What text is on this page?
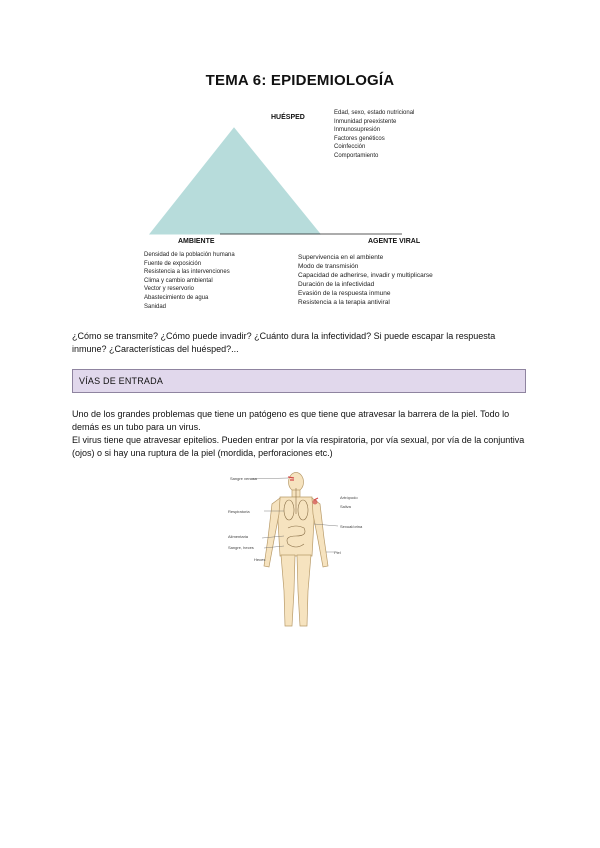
TEMA 6: EPIDEMIOLOGÍA
HUÉSPED
Edad, sexo, estado nutricional
Inmunidad preexistente
Inmunosupresión
Factores genéticos
Coinfección
Comportamiento
AMBIENTE
Densidad de la población humana
Fuente de exposición
Resistencia a las intervenciones
Clima y cambio ambiental
Vector y reservorio
Abastecimiento de agua
Sanidad
AGENTE VIRAL
Supervivencia en el ambiente
Modo de transmisión
Capacidad de adherirse, invadir y multiplicarse
Duración de la infectividad
Evasión de la respuesta inmune
Resistencia a la terapia antiviral
¿Cómo se transmite? ¿Cómo puede invadir? ¿Cuánto dura la infectividad? Si puede escapar la respuesta inmune? ¿Características del huésped?...
VÍAS DE ENTRADA
Uno de los grandes problemas que tiene un patógeno es que tiene que atravesar la barrera de la piel. Todo lo demás es un tubo para un virus.
El virus tiene que atravesar epitelios. Pueden entrar por la vía respiratoria, por vía sexual, por vía de la conjuntiva (ojos) o si hay una ruptura de la piel (mordida, perforaciones etc.)
Sangre venosa
Artrópodo
Saliva
Respiratoria
Sexual/orina
Alimentaria
Sangre, heces
Piel
Heces
